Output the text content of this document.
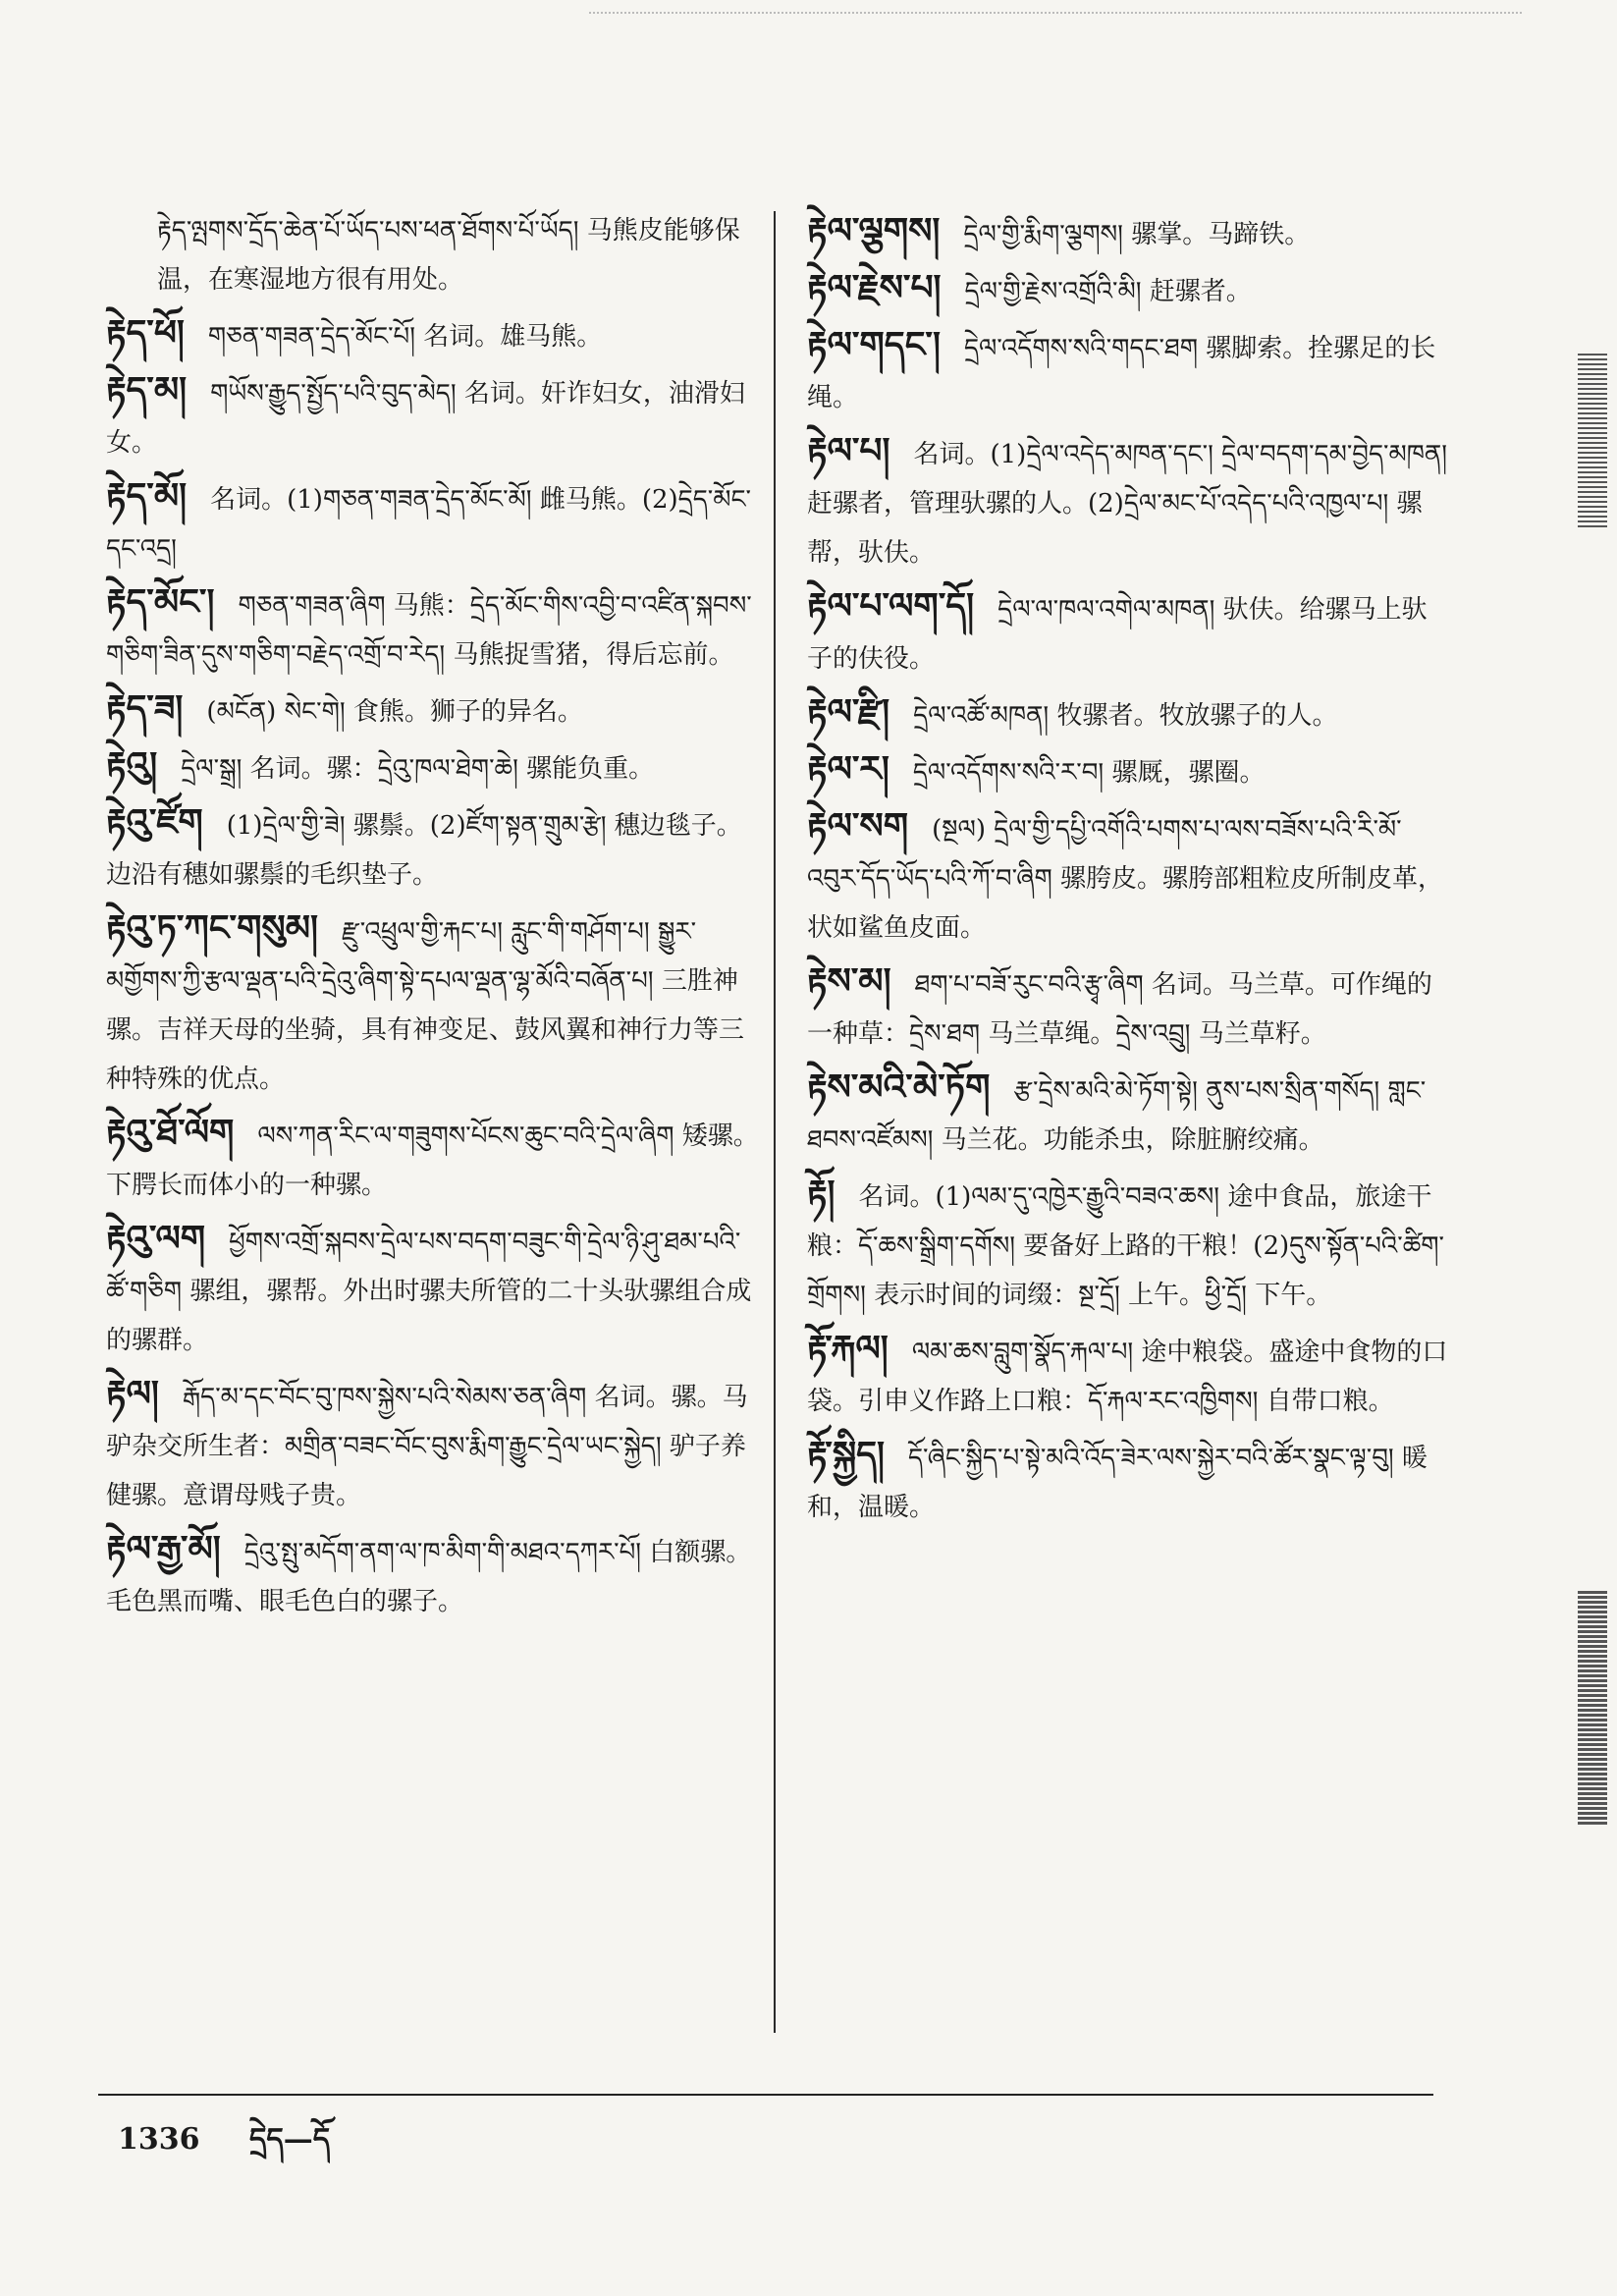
རྟེད་ལྤགས་དྲོད་ཆེན་པོ་ཡོད་པས་ཕན་ཐོགས་པོ་ཡོད། 马熊皮能够保温，在寒湿地方很有用处。
རྟེད་ཕོ། གཅན་གཟན་དྲེད་མོང་པོ། 名词。雄马熊。
རྟེད་མ། གཡོས་རྒྱུད་སྤྱོད་པའི་བུད་མེད། 名词。奸诈妇女，油滑妇女。
རྟེད་མོ། 名词。(1)གཅན་གཟན་དྲེད་མོང་མོ། 雌马熊。(2)དྲེད་མོང་དང་འདྲ།
རྟེད་མོང་། གཅན་གཟན་ཞིག 马熊：དྲེད་མོང་གིས་འབྱི་བ་འཛིན་སྐབས་གཅིག་ཟིན་དུས་གཅིག་བརྗེད་འགྲོ་བ་རེད། 马熊捉雪猪，得后忘前。
རྟེད་ཟ། (མངོན) སེང་གེ། 食熊。狮子的异名。
རྟེའུ། དྲེལ་སྒྲ། 名词。骡：དྲེའུ་ཁལ་ཐེག་ཆེ། 骡能负重。
རྟེའུ་ཛོག (1)དྲེལ་གྱི་ཟེ། 骡鬃。(2)ཛོག་སྟན་གྲུམ་རྩེ། 穗边毯子。边沿有穗如骡鬃的毛织垫子。
རྟེའུ་ཏ་ཀང་གསུམ། རྫུ་འཕྲུལ་གྱི་རྐང་པ། རླུང་གི་གཤོག་པ། སྒྱུར་མགྱོགས་ཀྱི་རྩལ་ལྡན་པའི་དྲེའུ་ཞིག་སྟེ་དཔལ་ལྡན་ལྷ་མོའི་བཞོན་པ། 三胜神骡。吉祥天母的坐骑，具有神变足、鼓风翼和神行力等三种特殊的优点。
རྟེའུ་ཐོ་ལོག ལས་ཀན་རིང་ལ་གཟུགས་པོངས་ཆུང་བའི་དྲེལ་ཞིག 矮骡。下腭长而体小的一种骡。
རྟེའུ་ལག ཕྱོགས་འགྲོ་སྐབས་དྲེལ་པས་བདག་བཟུང་གི་དྲེལ་ཉི་ཤུ་ཐམ་པའི་ཚོ་གཅིག 骡组，骡帮。外出时骡夫所管的二十头驮骡组合成的骡群。
རྟེལ། རྒོད་མ་དང་བོང་བུ་ཁས་སྐྱེས་པའི་སེམས་ཅན་ཞིག 名词。骡。马驴杂交所生者：མགྲིན་བཟང་བོང་བུས་རྨིག་རྒྱུང་དྲེལ་ཡང་སྐྱེད། 驴子养健骡。意谓母贱子贵。
རྟེལ་རྒྱ་མོ། དྲེའུ་སྤུ་མདོག་ནག་ལ་ཁ་མིག་གི་མཐའ་དཀར་པོ། 白额骡。毛色黑而嘴、眼毛色白的骡子。
རྟེལ་ལྕགས། དྲེལ་གྱི་རྨིག་ལྕགས། 骡掌。马蹄铁。
རྟེལ་རྗེས་པ། དྲེལ་གྱི་རྗེས་འགྲོའི་མི། 赶骡者。
རྟེལ་གདང་། དྲེལ་འདོགས་སའི་གདང་ཐག 骡脚索。拴骡足的长绳。
རྟེལ་པ། 名词。(1)དྲེལ་འདེད་མཁན་དང་། དྲེལ་བདག་དམ་བྱེད་མཁན། 赶骡者，管理驮骡的人。(2)དྲེལ་མང་པོ་འདེད་པའི་འཁྱལ་པ། 骡帮，驮伕。
རྟེལ་པ་ལག་དོ། དྲེལ་ལ་ཁལ་འགེལ་མཁན། 驮伕。给骡马上驮子的伕役。
རྟེལ་རྫི། དྲེལ་འཚོ་མཁན། 牧骡者。牧放骡子的人。
རྟེལ་ར། དྲེལ་འདོགས་སའི་ར་བ། 骡厩，骡圈。
རྟེལ་སག (སྔལ) དྲེལ་གྱི་དཔྱི་འགོའི་པགས་པ་ལས་བཟོས་པའི་རི་མོ་འབུར་དོད་ཡོད་པའི་ཀོ་བ་ཞིག 骡胯皮。骡胯部粗粒皮所制皮革，状如鲨鱼皮面。
རྟེས་མ། ཐག་པ་བཟོ་རུང་བའི་རྩྭ་ཞིག 名词。马兰草。可作绳的一种草：དྲེས་ཐག 马兰草绳。དྲེས་འབྲུ། 马兰草籽。
རྟེས་མའི་མེ་ཏོག རྩ་དྲེས་མའི་མེ་ཏོག་སྟེ། ནུས་པས་སྲིན་གསོད། གླང་ཐབས་འཛོམས། 马兰花。功能杀虫，除脏腑绞痛。
རྟོ། 名词。(1)ལམ་དུ་འཁྱེར་རྒྱུའི་བཟའ་ཆས། 途中食品，旅途干粮：དོ་ཆས་སྒྲིག་དགོས། 要备好上路的干粮！(2)དུས་སྟོན་པའི་ཚིག་གྲོགས། 表示时间的词缀：སྔ་དྲོ། 上午。ཕྱི་དྲོ། 下午。
རྟོ་རྐལ། ལམ་ཆས་བླུག་སྣོད་རྐལ་པ། 途中粮袋。盛途中食物的口袋。引申义作路上口粮：དོ་རྐལ་རང་འཁྱིགས། 自带口粮。
རྟོ་སྐྱིད། དོ་ཞིང་སྐྱིད་པ་སྟེ་མའི་འོད་ཟེར་ལས་སྐྱེར་བའི་ཚོར་སྣང་ལྟ་བུ། 暖和，温暖。
1336 དྲེད—དོ
